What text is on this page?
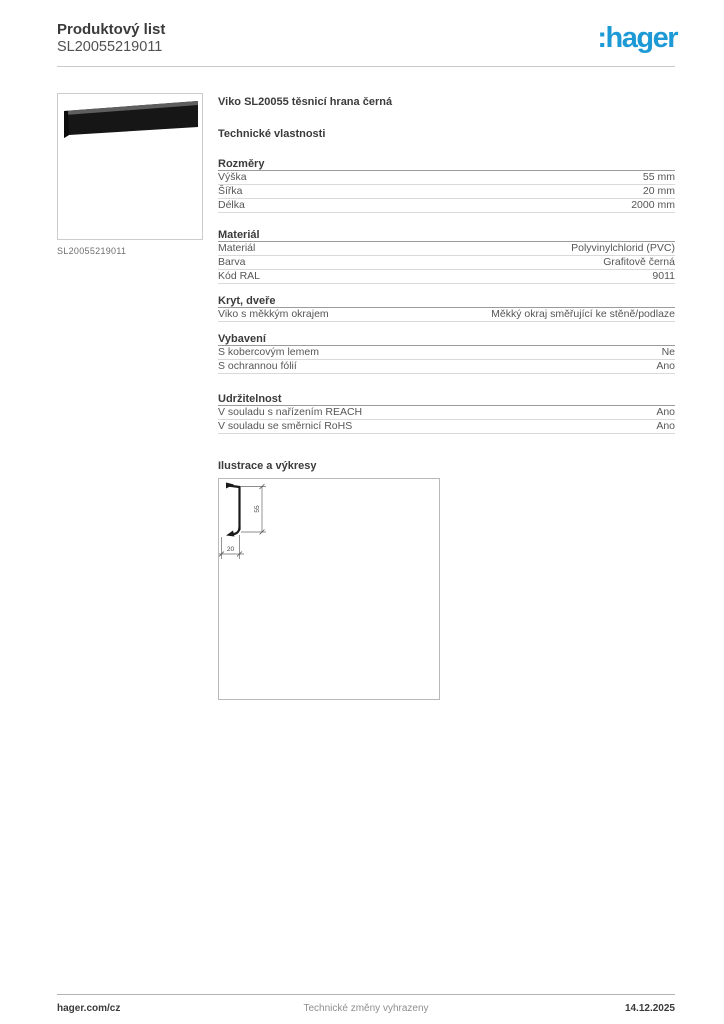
Produktový list
SL20055219011	:hager
SL20055219011
Viko SL20055 těsnicí hrana černá
Technické vlastnosti
Rozměry
Výška	55 mm
Šířka	20 mm
Délka	2000 mm
Materiál
Materiál	Polyvinylchlorid (PVC)
Barva	Grafitově černá
Kód RAL	9011
Kryt, dveře
Viko s měkkým okrajem	Měkký okraj směřující ke stěně/podlaze
Vybavení
S kobercovým lemem	Ne
S ochrannou fólií	Ano
Udržitelnost
V souladu s nařízením REACH	Ano
V souladu se směrnicí RoHS	Ano
Ilustrace a výkresy
55
20
hager.com/cz	Technické změny vyhrazeny	14.12.2025
